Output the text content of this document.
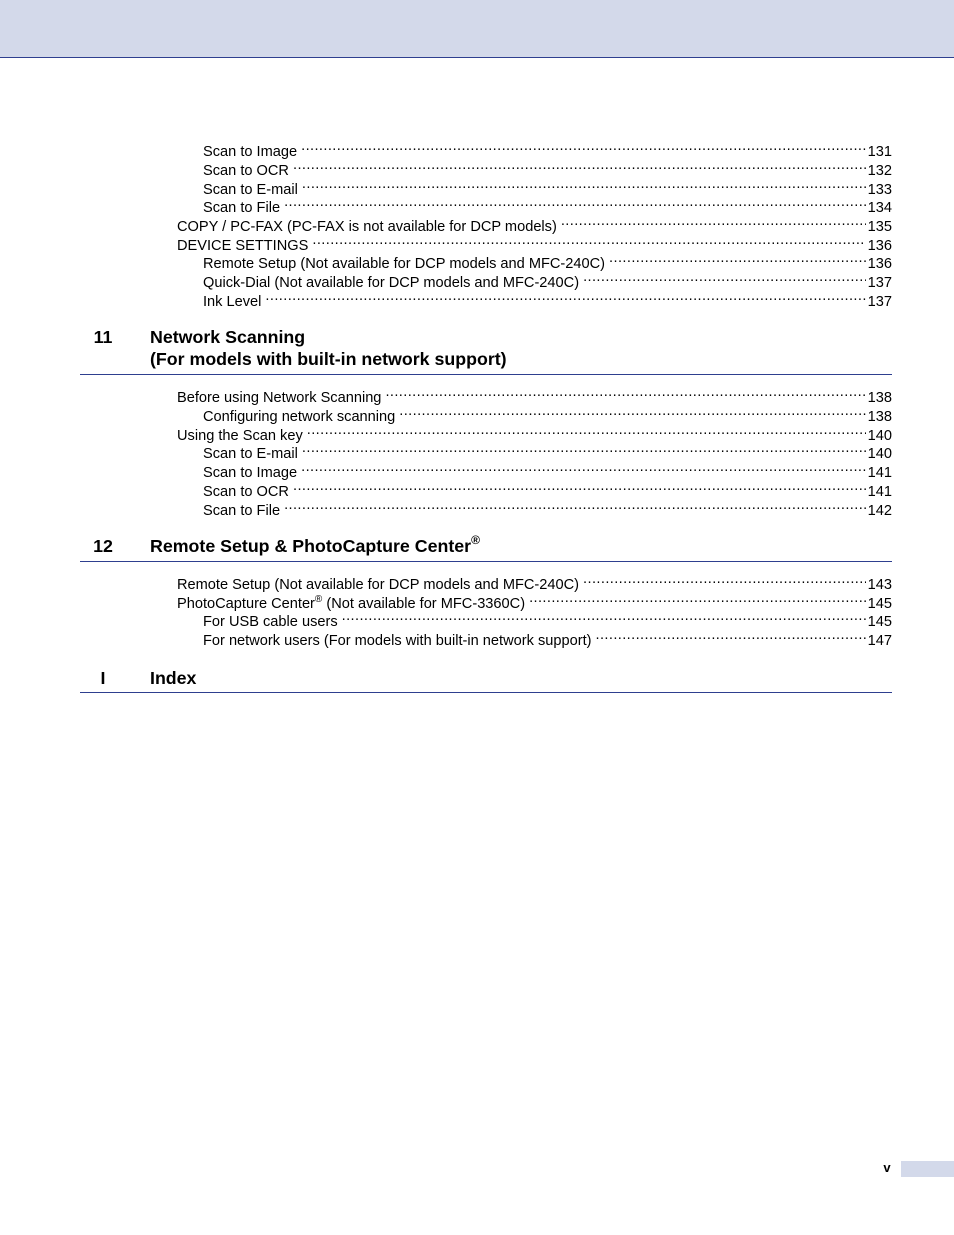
Scan to Image .....	131
Scan to OCR .....	132
Scan to E-mail .....	133
Scan to File .....	134
COPY / PC-FAX (PC-FAX is not available for DCP models) .....	135
DEVICE SETTINGS .....	136
Remote Setup (Not available for DCP models and MFC-240C) .....	136
Quick-Dial (Not available for DCP models and MFC-240C) .....	137
Ink Level .....	137
11	Network Scanning
(For models with built-in network support)
Before using Network Scanning .....	138
Configuring network scanning .....	138
Using the Scan key .....	140
Scan to E-mail .....	140
Scan to Image .....	141
Scan to OCR .....	141
Scan to File .....	142
12	Remote Setup & PhotoCapture Center®
Remote Setup (Not available for DCP models and MFC-240C) .....	143
PhotoCapture Center® (Not available for MFC-3360C) .....	145
For USB cable users .....	145
For network users (For models with built-in network support) .....	147
I	Index
v
